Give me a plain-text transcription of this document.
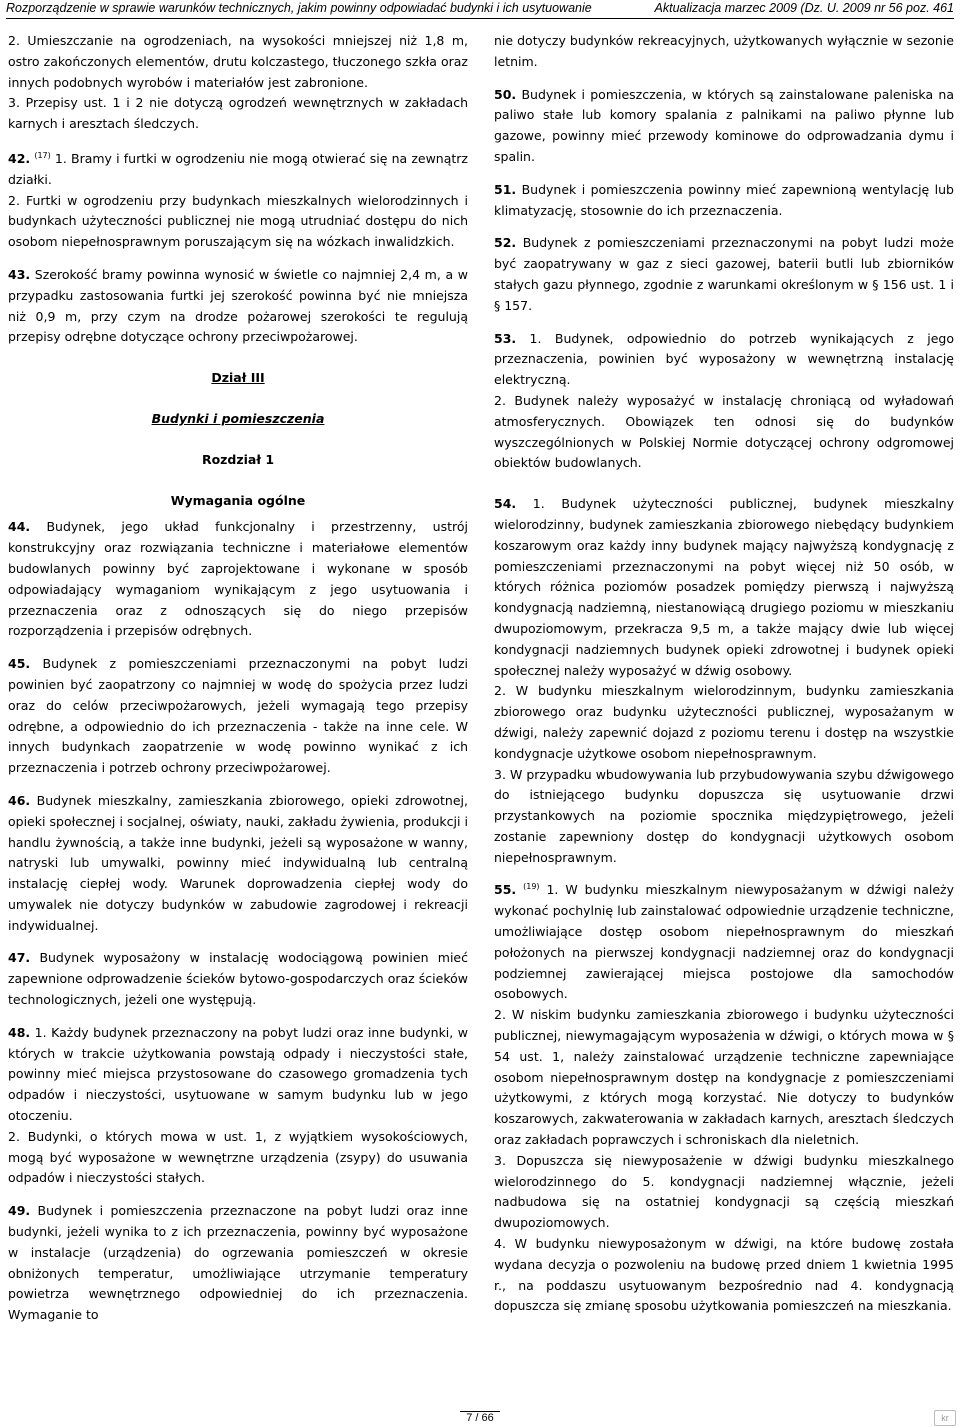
Rozporządzenie w sprawie warunków technicznych, jakim powinny odpowiadać budynki i ich usytuowanie	Aktualizacja marzec 2009 (Dz. U. 2009 nr 56 poz. 461

2. Umieszczanie na ogrodzeniach, na wysokości mniejszej niż 1,8 m, ostro zakończonych elementów, drutu kolczastego, tłuczonego szkła oraz innych podobnych wyrobów i materiałów jest zabronione.

3. Przepisy ust. 1 i 2 nie dotyczą ogrodzeń wewnętrznych w zakładach karnych i aresztach śledczych.

42. $^{(17)}$ 1. Bramy i furtki w ogrodzeniu nie mogą otwierać się na zewnątrz działki.

2. Furtki w ogrodzeniu przy budynkach mieszkalnych wielorodzinnych i budynkach użyteczności publicznej nie mogą utrudniać dostępu do nich osobom niepełnosprawnym poruszającym się na wózkach inwalidzkich.

43. Szerokość bramy powinna wynosić w świetle co najmniej 2,4 m, a w przypadku zastosowania furtki jej szerokość powinna być nie mniejsza niż 0,9 m, przy czym na drodze pożarowej szerokości te regulują przepisy odrębne dotyczące ochrony przeciwpożarowej.

Dział III

Budynki i pomieszczenia

Rozdział 1

Wymagania ogólne

44. Budynek, jego układ funkcjonalny i przestrzenny, ustrój konstrukcyjny oraz rozwiązania techniczne i materiałowe elementów budowlanych powinny być zaprojektowane i wykonane w sposób odpowiadający wymaganiom wynikającym z jego usytuowania i przeznaczenia oraz z odnoszących się do niego przepisów rozporządzenia i przepisów odrębnych.

45. Budynek z pomieszczeniami przeznaczonymi na pobyt ludzi powinien być zaopatrzony co najmniej w wodę do spożycia przez ludzi oraz do celów przeciwpożarowych, jeżeli wymagają tego przepisy odrębne, a odpowiednio do ich przeznaczenia - także na inne cele. W innych budynkach zaopatrzenie w wodę powinno wynikać z ich przeznaczenia i potrzeb ochrony przeciwpożarowej.

46. Budynek mieszkalny, zamieszkania zbiorowego, opieki zdrowotnej, opieki społecznej i socjalnej, oświaty, nauki, zakładu żywienia, produkcji i handlu żywnością, a także inne budynki, jeżeli są wyposażone w wanny, natryski lub umywalki, powinny mieć indywidualną lub centralną instalację ciepłej wody. Warunek doprowadzenia ciepłej wody do umywalek nie dotyczy budynków w zabudowie zagrodowej i rekreacji indywidualnej.

47. Budynek wyposażony w instalację wodociągową powinien mieć zapewnione odprowadzenie ścieków bytowo-gospodarczych oraz ścieków technologicznych, jeżeli one występują.

48. 1. Każdy budynek przeznaczony na pobyt ludzi oraz inne budynki, w których w trakcie użytkowania powstają odpady i nieczystości stałe, powinny mieć miejsca przystosowane do czasowego gromadzenia tych odpadów i nieczystości, usytuowane w samym budynku lub w jego otoczeniu.

2. Budynki, o których mowa w ust. 1, z wyjątkiem wysokościowych, mogą być wyposażone w wewnętrzne urządzenia (zsypy) do usuwania odpadów i nieczystości stałych.

49. Budynek i pomieszczenia przeznaczone na pobyt ludzi oraz inne budynki, jeżeli wynika to z ich przeznaczenia, powinny być wyposażone w instalacje (urządzenia) do ogrzewania pomieszczeń w okresie obniżonych temperatur, umożliwiające utrzymanie temperatury powietrza wewnętrznego odpowiedniej do ich przeznaczenia. Wymaganie to

nie dotyczy budynków rekreacyjnych, użytkowanych wyłącznie w sezonie letnim.

50. Budynek i pomieszczenia, w których są zainstalowane paleniska na paliwo stałe lub komory spalania z palnikami na paliwo płynne lub gazowe, powinny mieć przewody kominowe do odprowadzania dymu i spalin.

51. Budynek i pomieszczenia powinny mieć zapewnioną wentylację lub klimatyzację, stosownie do ich przeznaczenia.

52. Budynek z pomieszczeniami przeznaczonymi na pobyt ludzi może być zaopatrywany w gaz z sieci gazowej, baterii butli lub zbiorników stałych gazu płynnego, zgodnie z warunkami określonym w § 156 ust. 1 i § 157.

53. 1. Budynek, odpowiednio do potrzeb wynikających z jego przeznaczenia, powinien być wyposażony w wewnętrzną instalację elektryczną.

2. Budynek należy wyposażyć w instalację chroniącą od wyładowań atmosferycznych. Obowiązek ten odnosi się do budynków wyszczególnionych w Polskiej Normie dotyczącej ochrony odgromowej obiektów budowlanych.

54. 1. Budynek użyteczności publicznej, budynek mieszkalny wielorodzinny, budynek zamieszkania zbiorowego niebędący budynkiem koszarowym oraz każdy inny budynek mający najwyższą kondygnację z pomieszczeniami przeznaczonymi na pobyt więcej niż 50 osób, w których różnica poziomów posadzek pomiędzy pierwszą i najwyższą kondygnacją nadziemną, niestanowiącą drugiego poziomu w mieszkaniu dwupoziomowym, przekracza 9,5 m, a także mający dwie lub więcej kondygnacji nadziemnych budynek opieki zdrowotnej i budynek opieki społecznej należy wyposażyć w dźwig osobowy.

2. W budynku mieszkalnym wielorodzinnym, budynku zamieszkania zbiorowego oraz budynku użyteczności publicznej, wyposażanym w dźwigi, należy zapewnić dojazd z poziomu terenu i dostęp na wszystkie kondygnacje użytkowe osobom niepełnosprawnym.

3. W przypadku wbudowywania lub przybudowywania szybu dźwigowego do istniejącego budynku dopuszcza się usytuowanie drzwi przystankowych na poziomie spocznika międzypiętrowego, jeżeli zostanie zapewniony dostęp do kondygnacji użytkowych osobom niepełnosprawnym.

55. $^{(19)}$ 1. W budynku mieszkalnym niewyposażanym w dźwigi należy wykonać pochylnię lub zainstalować odpowiednie urządzenie techniczne, umożliwiające dostęp osobom niepełnosprawnym do mieszkań położonych na pierwszej kondygnacji nadziemnej oraz do kondygnacji podziemnej zawierającej miejsca postojowe dla samochodów osobowych.

2. W niskim budynku zamieszkania zbiorowego i budynku użyteczności publicznej, niewymagającym wyposażenia w dźwigi, o których mowa w § 54 ust. 1, należy zainstalować urządzenie techniczne zapewniające osobom niepełnosprawnym dostęp na kondygnacje z pomieszczeniami użytkowymi, z których mogą korzystać. Nie dotyczy to budynków koszarowych, zakwaterowania w zakładach karnych, aresztach śledczych oraz zakładach poprawczych i schroniskach dla nieletnich.

3. Dopuszcza się niewyposażenie w dźwigi budynku mieszkalnego wielorodzinnego do 5. kondygnacji nadziemnej włącznie, jeżeli nadbudowa się na ostatniej kondygnacji są częścią mieszkań dwupoziomowych.

4. W budynku niewyposażonym w dźwigi, na które budowę została wydana decyzja o pozwoleniu na budowę przed dniem 1 kwietnia 1995 r., na poddaszu usytuowanym bezpośrednio nad 4. kondygnacją dopuszcza się zmianę sposobu użytkowania pomieszczeń na mieszkania.

7 / 66	kr
